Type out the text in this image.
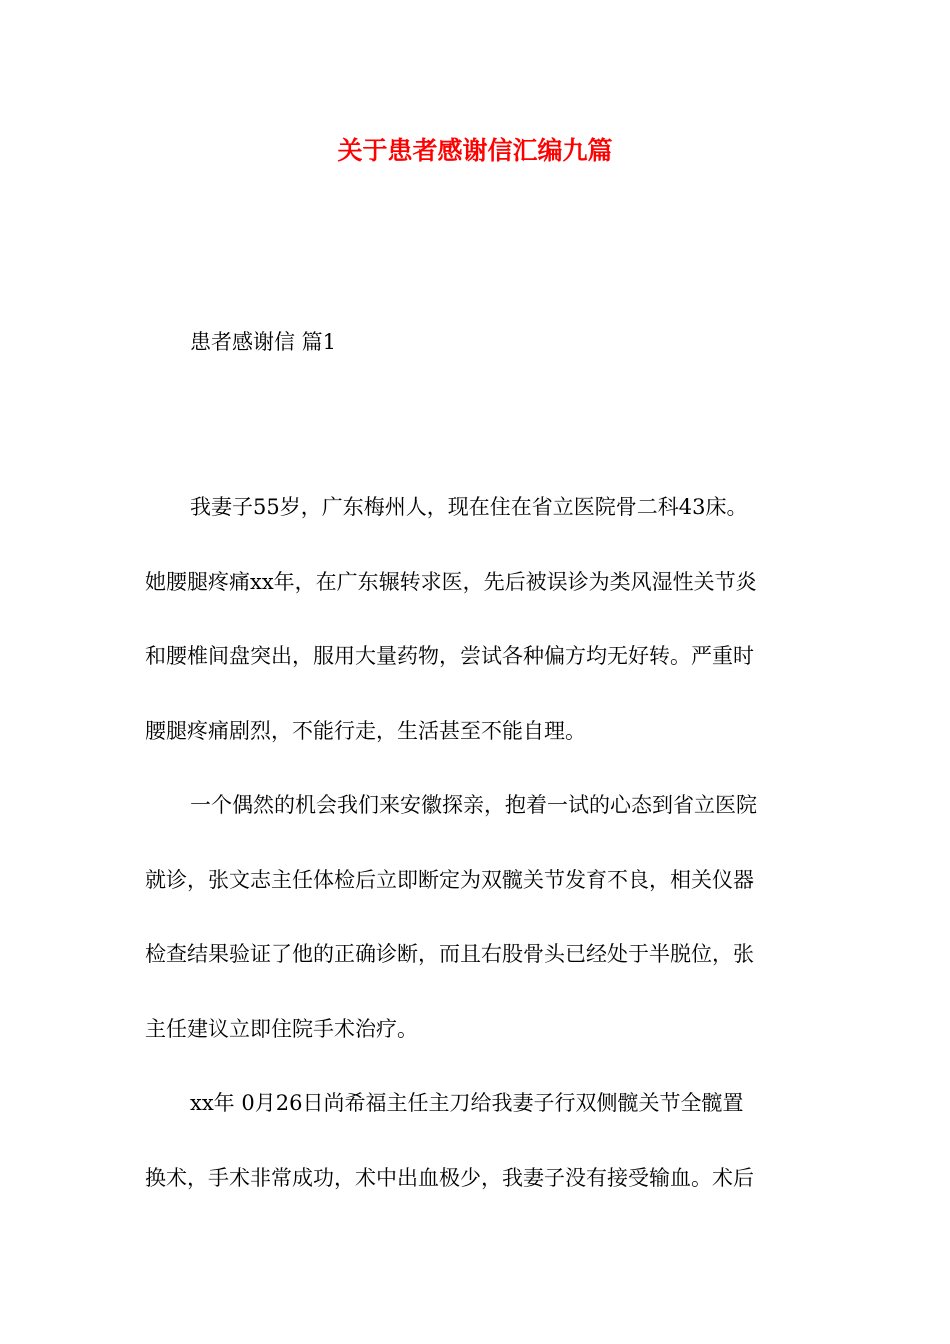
关于患者感谢信汇编九篇
患者感谢信 篇1

我妻子55岁，广东梅州人，现在住在省立医院骨二科43床。
她腰腿疼痛xx年，在广东辗转求医，先后被误诊为类风湿性关节炎
和腰椎间盘突出，服用大量药物，尝试各种偏方均无好转。严重时
腰腿疼痛剧烈，不能行走，生活甚至不能自理。

一个偶然的机会我们来安徽探亲，抱着一试的心态到省立医院
就诊，张文志主任体检后立即断定为双髋关节发育不良，相关仪器
检查结果验证了他的正确诊断，而且右股骨头已经处于半脱位，张
主任建议立即住院手术治疗。

xx年 0月26日尚希福主任主刀给我妻子行双侧髋关节全髋置
换术，手术非常成功，术中出血极少，我妻子没有接受输血。术后
